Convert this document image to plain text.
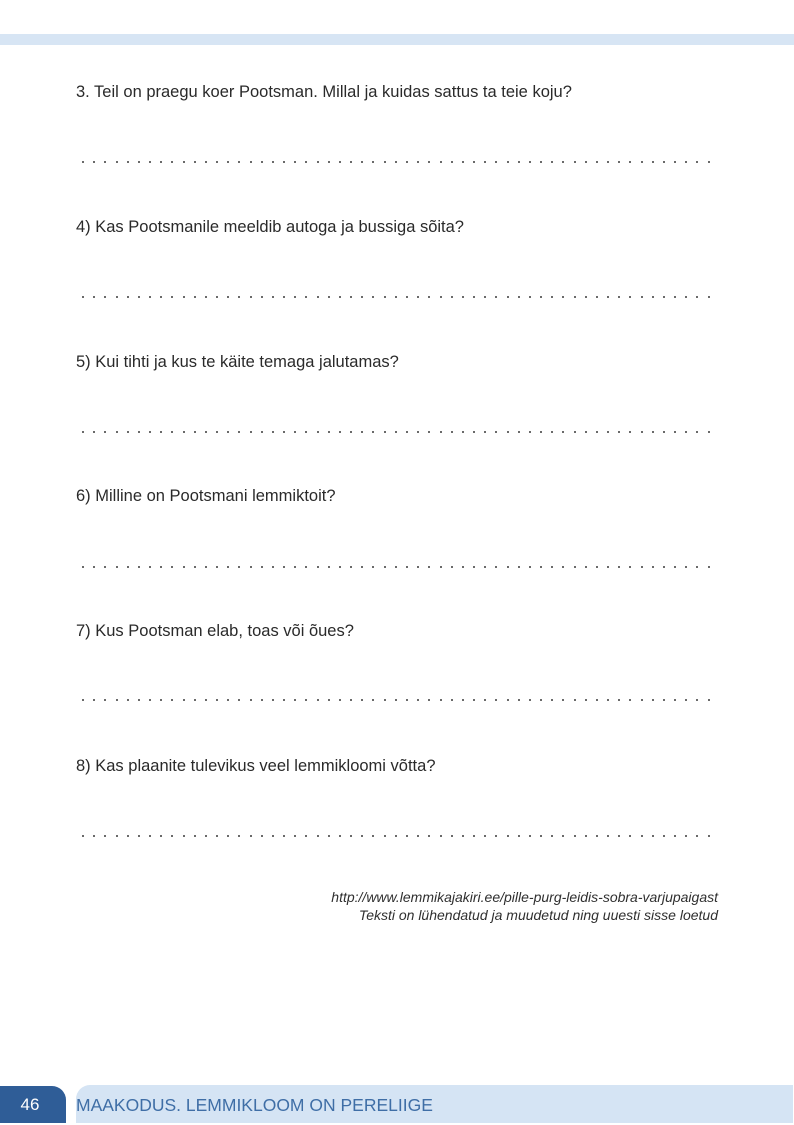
3. Teil on praegu koer Pootsman. Millal ja kuidas sattus ta teie koju?
4) Kas Pootsmanile meeldib autoga ja bussiga sõita?
5) Kui tihti ja kus te käite temaga jalutamas?
6) Milline on Pootsmani lemmiktoit?
7) Kus Pootsman elab, toas või õues?
8) Kas plaanite tulevikus veel lemmikloomi võtta?
http://www.lemmikajakiri.ee/pille-purg-leidis-sobra-varjupaigast
Teksti on lühendatud ja muudetud ning uuesti sisse loetud
46	MAAKODUS. LEMMIKLOOM ON PERELIIGE
